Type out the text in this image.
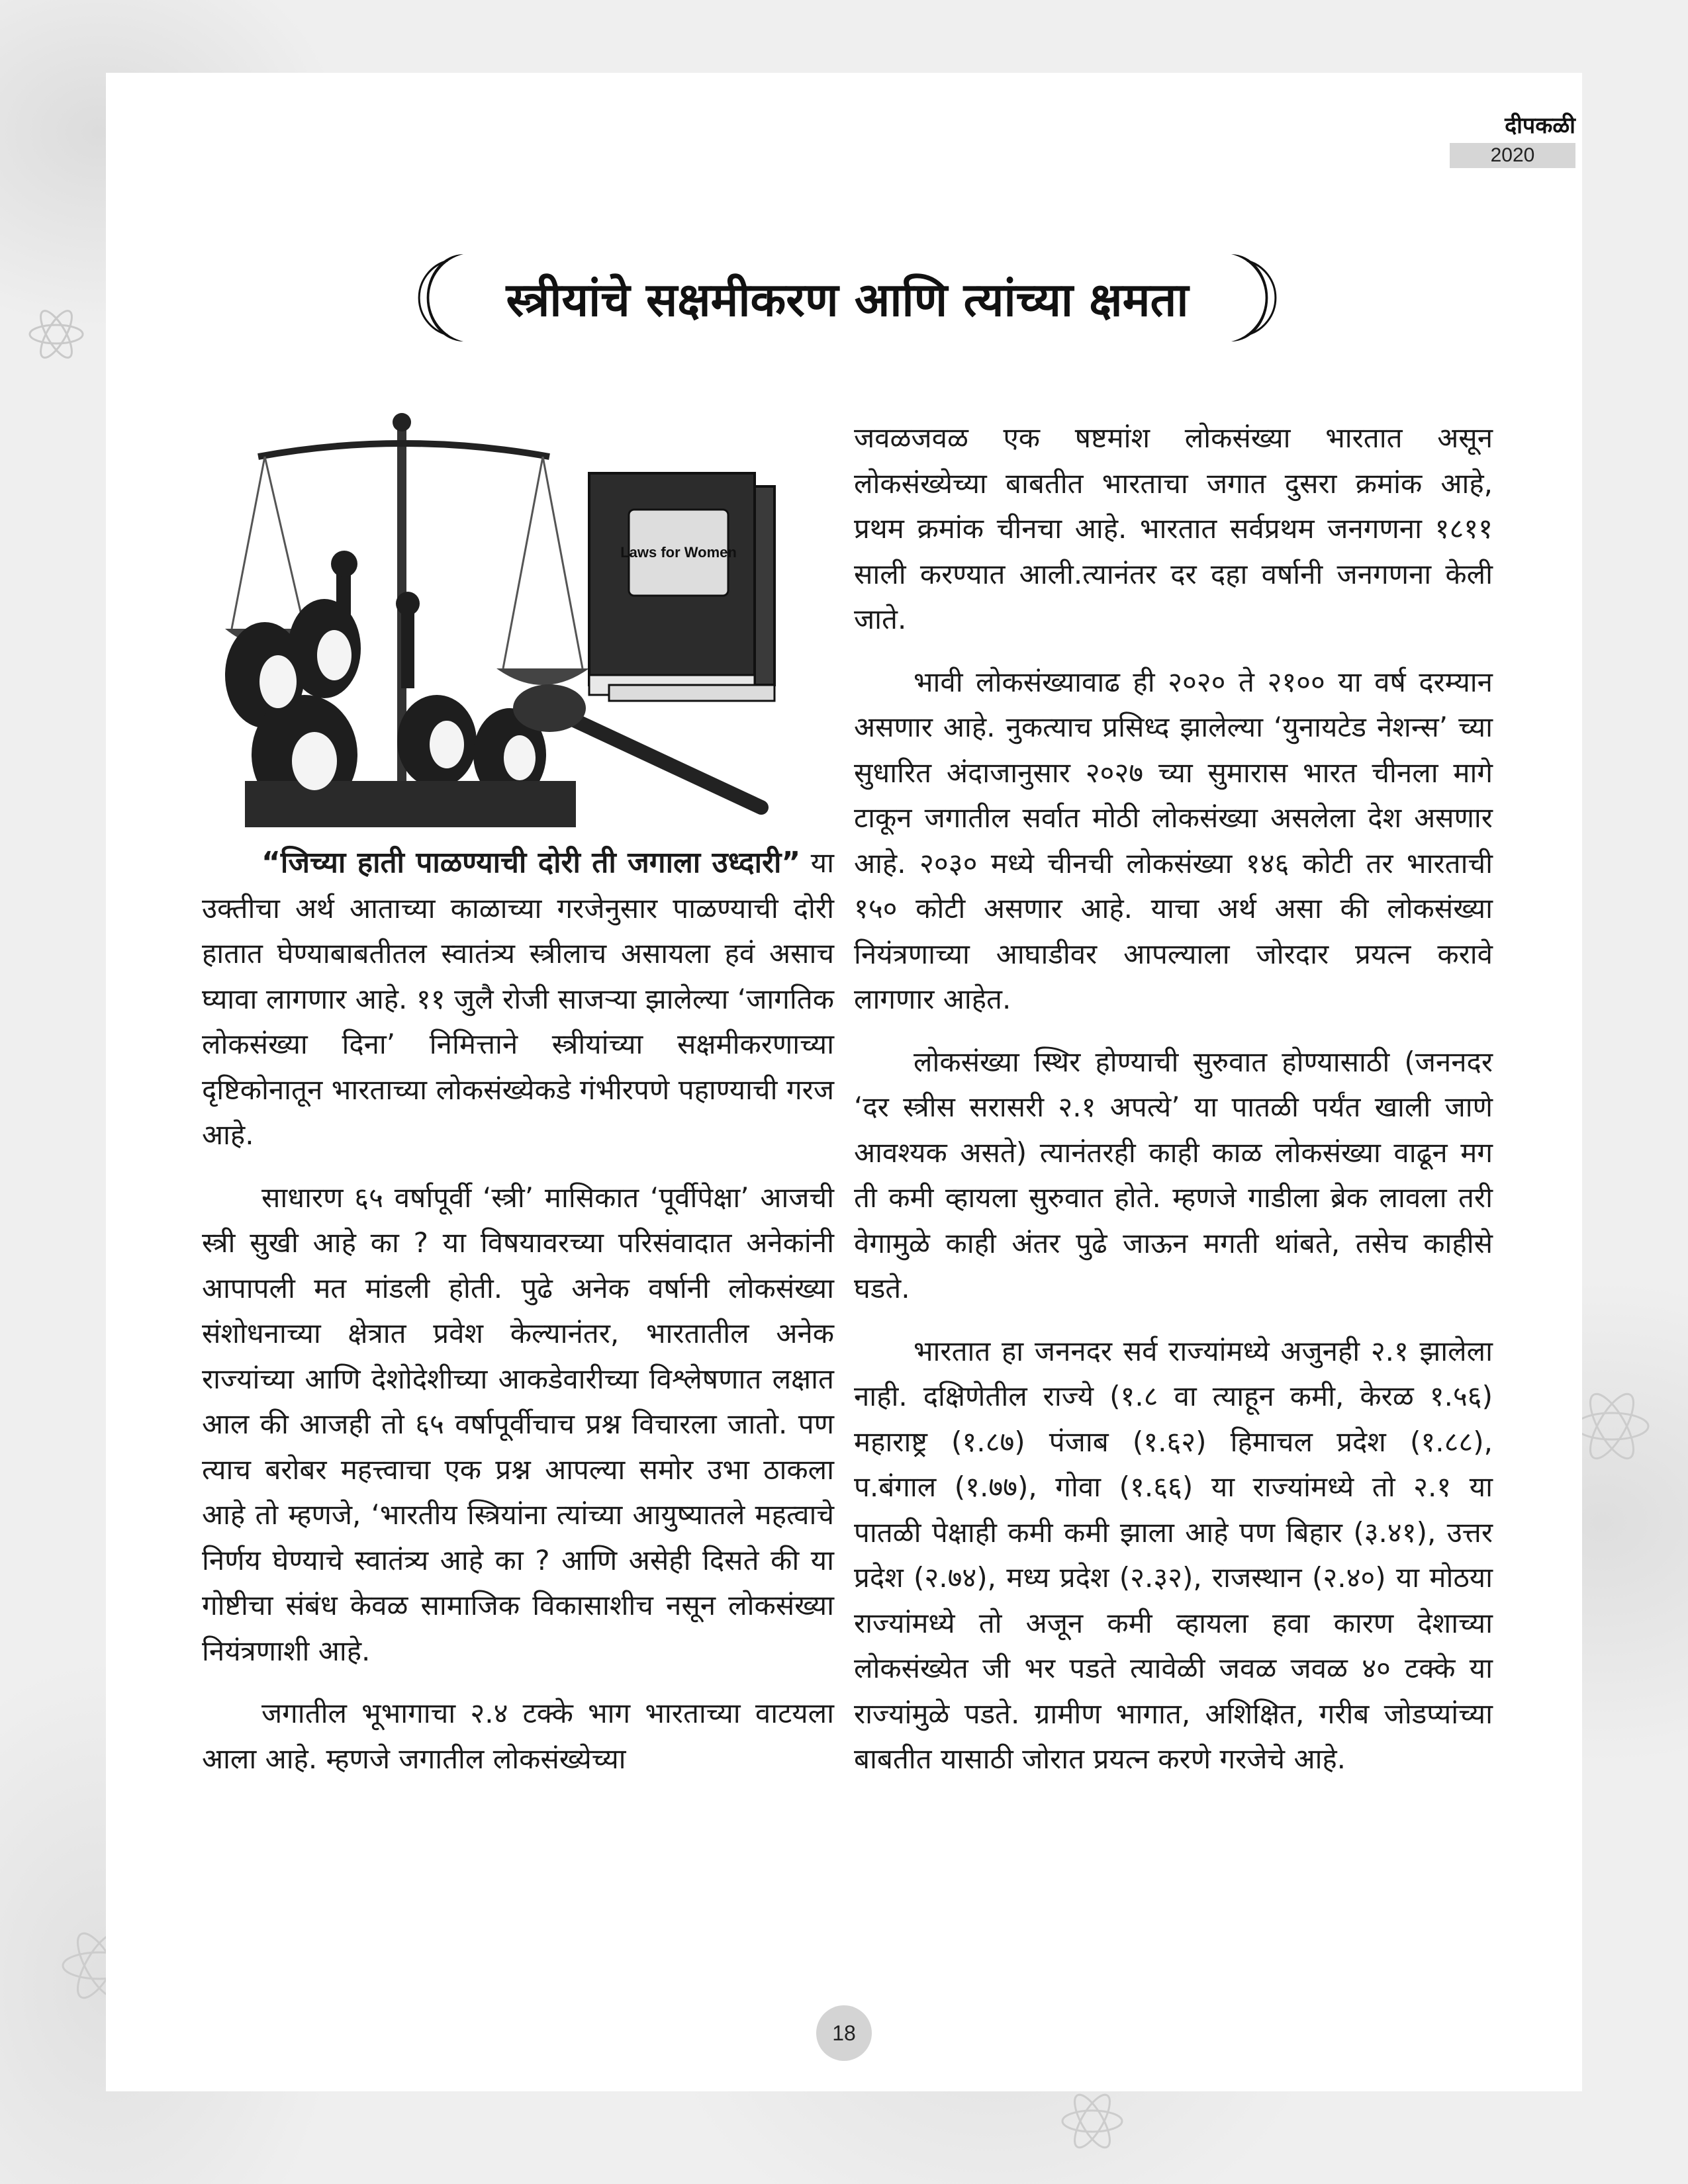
दीपकळी
2020
स्त्रीयांचे सक्षमीकरण आणि त्यांच्या क्षमता
Laws for Women

“जिच्या हाती पाळण्याची दोरी ती जगाला उध्दारी” या उक्तीचा अर्थ आताच्या काळाच्या गरजेनुसार पाळण्याची दोरी हातात घेण्याबाबतीतल स्वातंत्र्य स्त्रीलाच असायला हवं असाच घ्यावा लागणार आहे. ११ जुलै रोजी साजऱ्या झालेल्या ‘जागतिक लोकसंख्या दिना’ निमित्ताने स्त्रीयांच्या सक्षमीकरणाच्या दृष्टिकोनातून भारताच्या लोकसंख्येकडे गंभीरपणे पहाण्याची गरज आहे.

साधारण ६५ वर्षापूर्वी ‘स्त्री’ मासिकात ‘पूर्वीपेक्षा’ आजची स्त्री सुखी आहे का ? या विषयावरच्या परिसंवादात अनेकांनी आपापली मत मांडली होती. पुढे अनेक वर्षानी लोकसंख्या संशोधनाच्या क्षेत्रात प्रवेश केल्यानंतर, भारतातील अनेक राज्यांच्या आणि देशोदेशीच्या आकडेवारीच्या विश्लेषणात लक्षात आल की आजही तो ६५ वर्षापूर्वीचाच प्रश्न विचारला जातो. पण त्याच बरोबर महत्त्वाचा एक प्रश्न आपल्या समोर उभा ठाकला आहे तो म्हणजे, ‘भारतीय स्त्रियांना त्यांच्या आयुष्यातले महत्वाचे निर्णय घेण्याचे स्वातंत्र्य आहे का ? आणि असेही दिसते की या गोष्टीचा संबंध केवळ सामाजिक विकासाशीच नसून लोकसंख्या नियंत्रणाशी आहे.

जगातील भूभागाचा २.४ टक्के भाग भारताच्या वाटयला आला आहे. म्हणजे जगातील लोकसंख्येच्या

जवळजवळ एक षष्टमांश लोकसंख्या भारतात असून लोकसंख्येच्या बाबतीत भारताचा जगात दुसरा क्रमांक आहे, प्रथम क्रमांक चीनचा आहे. भारतात सर्वप्रथम जनगणना १८११ साली करण्यात आली.त्यानंतर दर दहा वर्षानी जनगणना केली जाते.

भावी लोकसंख्यावाढ ही २०२० ते २१०० या वर्ष दरम्यान असणार आहे. नुकत्याच प्रसिध्द झालेल्या ‘युनायटेड नेशन्स’ च्या सुधारित अंदाजानुसार २०२७ च्या सुमारास भारत चीनला मागे टाकून जगातील सर्वात मोठी लोकसंख्या असलेला देश असणार आहे. २०३० मध्ये चीनची लोकसंख्या १४६ कोटी तर भारताची १५० कोटी असणार आहे. याचा अर्थ असा की लोकसंख्या नियंत्रणाच्या आघाडीवर आपल्याला जोरदार प्रयत्न करावे लागणार आहेत.

लोकसंख्या स्थिर होण्याची सुरुवात होण्यासाठी (जननदर ‘दर स्त्रीस सरासरी २.१ अपत्ये’ या पातळी पर्यंत खाली जाणे आवश्यक असते) त्यानंतरही काही काळ लोकसंख्या वाढून मग ती कमी व्हायला सुरुवात होते. म्हणजे गाडीला ब्रेक लावला तरी वेगामुळे काही अंतर पुढे जाऊन मगती थांबते, तसेच काहीसे घडते.

भारतात हा जननदर सर्व राज्यांमध्ये अजुनही २.१ झालेला नाही. दक्षिणेतील राज्ये (१.८ वा त्याहून कमी, केरळ १.५६) महाराष्ट्र (१.८७) पंजाब (१.६२) हिमाचल प्रदेश (१.८८), प.बंगाल (१.७७), गोवा (१.६६) या राज्यांमध्ये तो २.१ या पातळी पेक्षाही कमी कमी झाला आहे पण बिहार (३.४१), उत्तर प्रदेश (२.७४), मध्य प्रदेश (२.३२), राजस्थान (२.४०) या मोठया राज्यांमध्ये तो अजून कमी व्हायला हवा कारण देशाच्या लोकसंख्येत जी भर पडते त्यावेळी जवळ जवळ ४० टक्के या राज्यांमुळे पडते. ग्रामीण भागात, अशिक्षित, गरीब जोडप्यांच्या बाबतीत यासाठी जोरात प्रयत्न करणे गरजेचे आहे.

18
